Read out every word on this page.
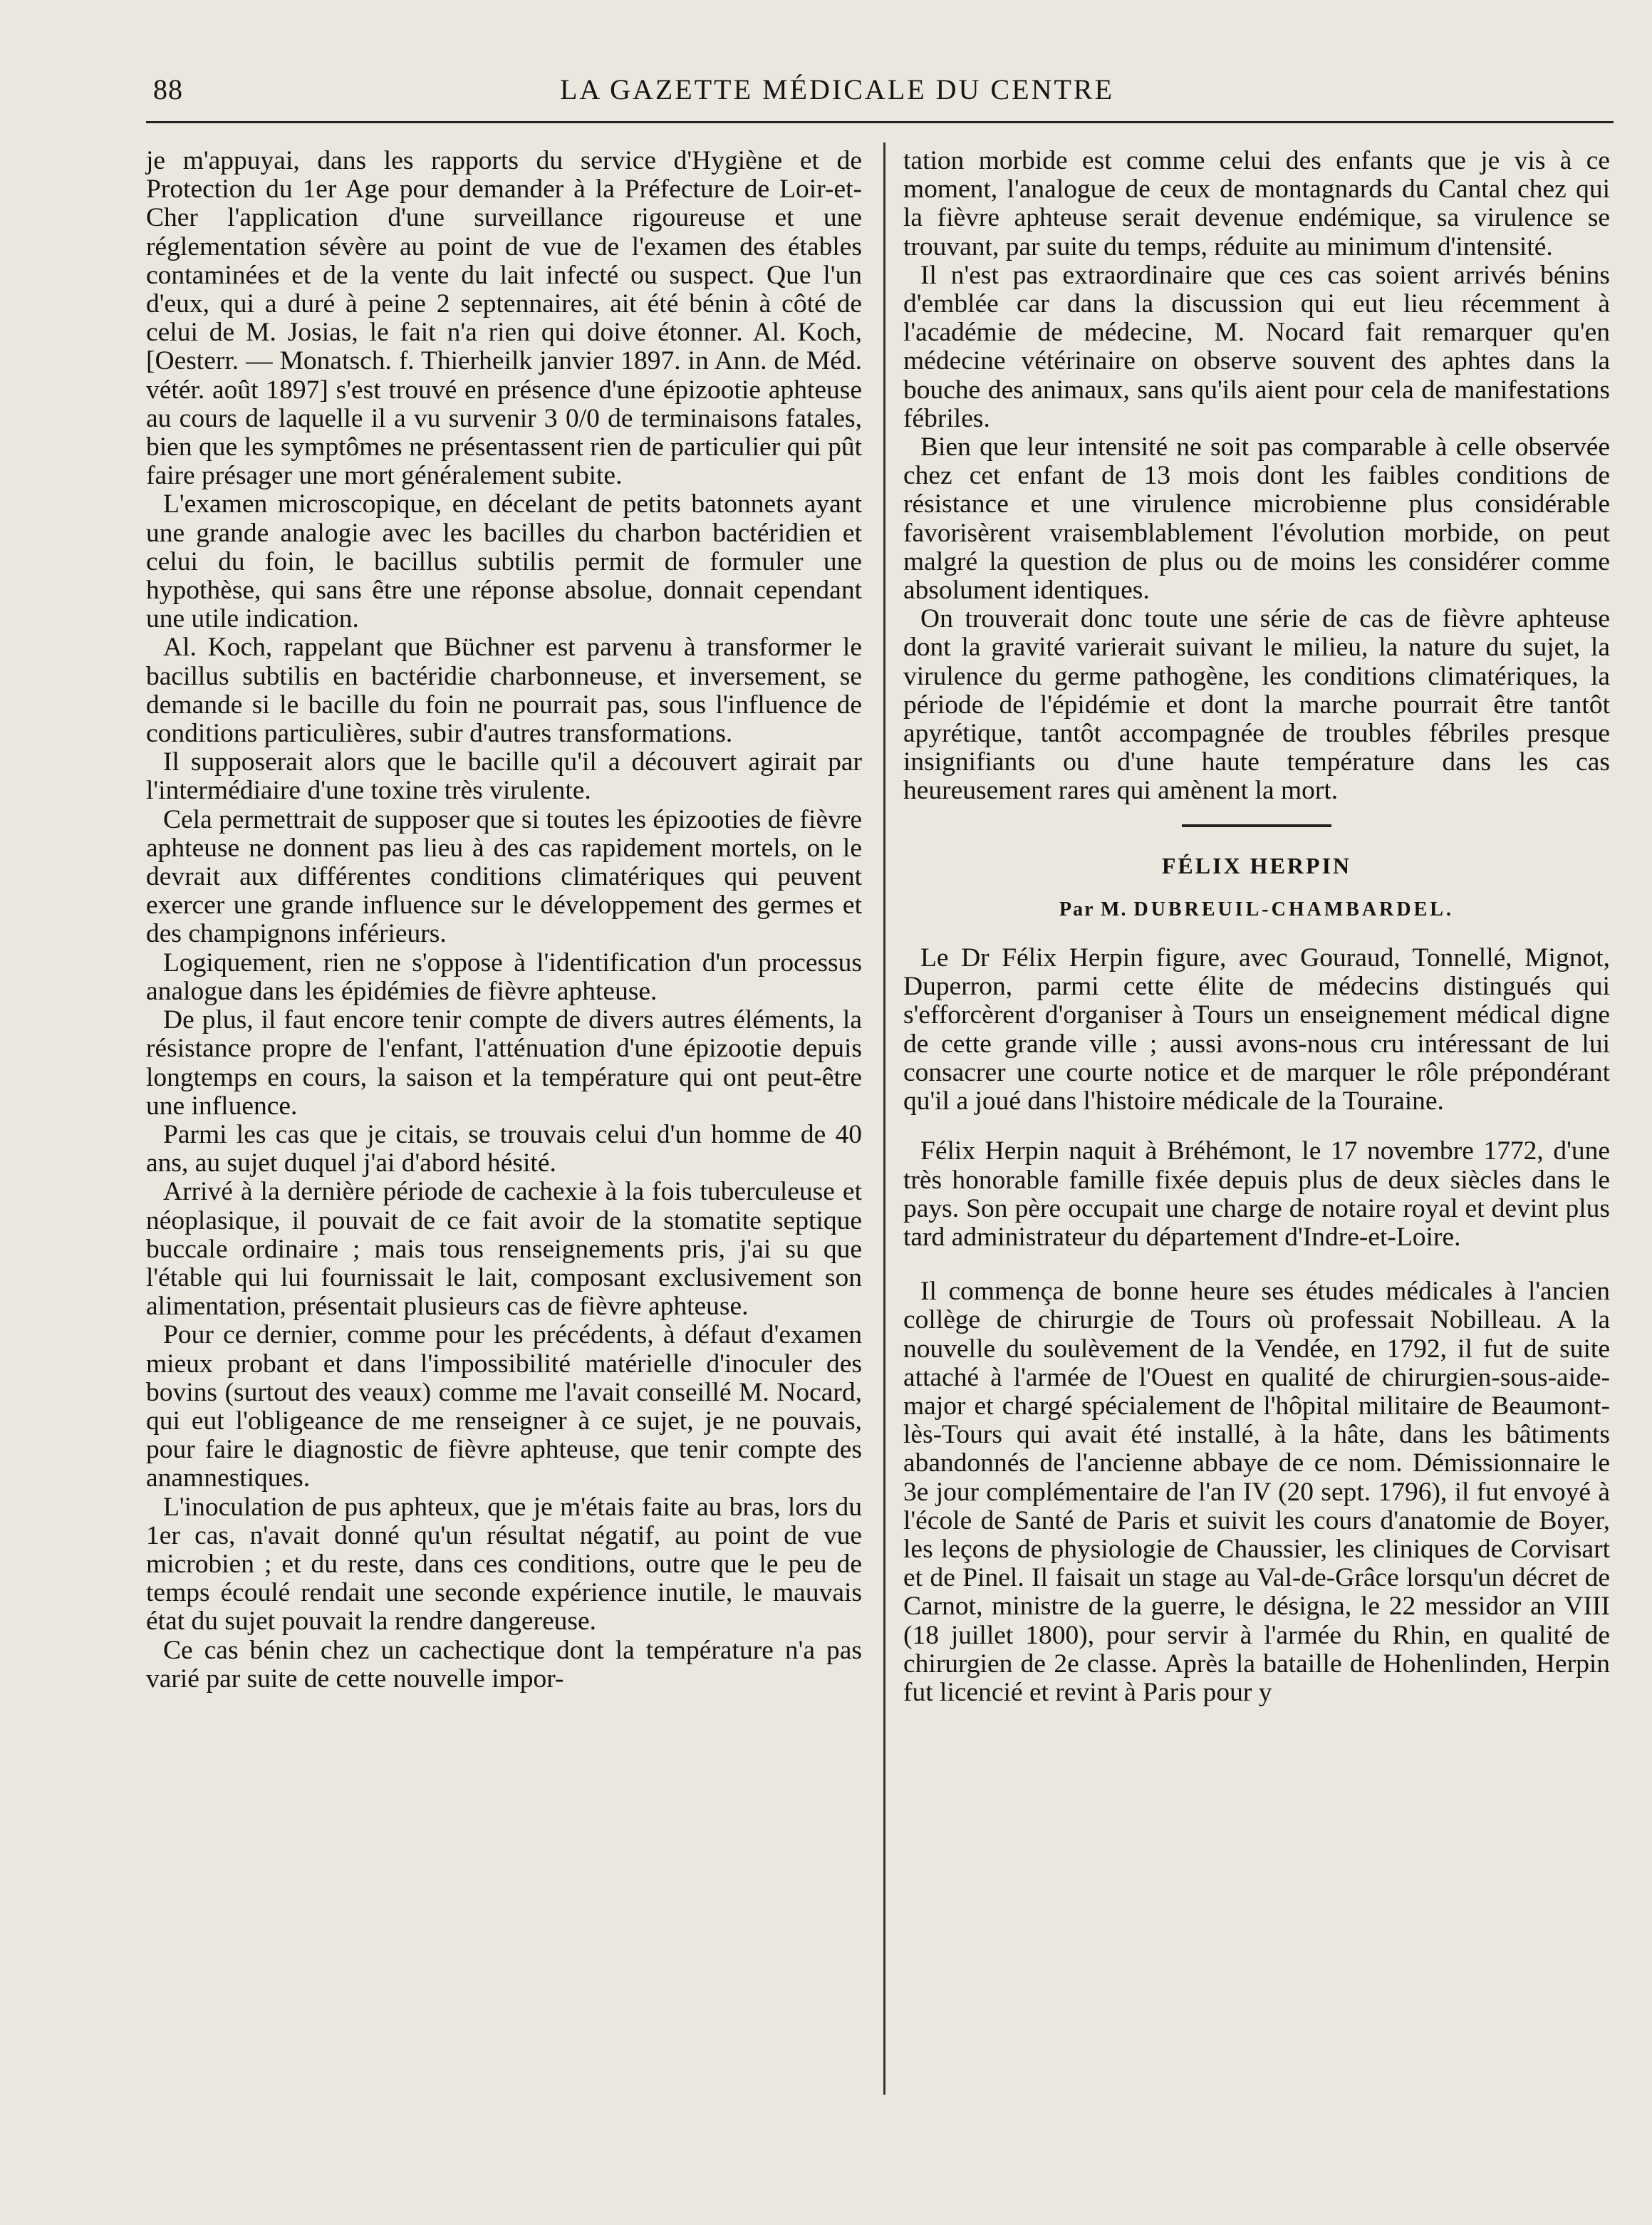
88	LA GAZETTE MÉDICALE DU CENTRE

je m'appuyai, dans les rapports du service d'Hygiène et de Protection du 1er Age pour demander à la Préfecture de Loir-et-Cher l'application d'une surveillance rigoureuse et une réglementation sévère au point de vue de l'examen des étables contaminées et de la vente du lait infecté ou suspect. Que l'un d'eux, qui a duré à peine 2 septennaires, ait été bénin à côté de celui de M. Josias, le fait n'a rien qui doive étonner. Al. Koch, [Oesterr. — Monatsch. f. Thierheilk janvier 1897. in Ann. de Méd. vétér. août 1897] s'est trouvé en présence d'une épizootie aphteuse au cours de laquelle il a vu survenir 3 0/0 de terminaisons fatales, bien que les symptômes ne présentassent rien de particulier qui pût faire présager une mort généralement subite.

L'examen microscopique, en décelant de petits batonnets ayant une grande analogie avec les bacilles du charbon bactéridien et celui du foin, le bacillus subtilis permit de formuler une hypothèse, qui sans être une réponse absolue, donnait cependant une utile indication.

Al. Koch, rappelant que Büchner est parvenu à transformer le bacillus subtilis en bactéridie charbonneuse, et inversement, se demande si le bacille du foin ne pourrait pas, sous l'influence de conditions particulières, subir d'autres transformations.

Il supposerait alors que le bacille qu'il a découvert agirait par l'intermédiaire d'une toxine très virulente.

Cela permettrait de supposer que si toutes les épizooties de fièvre aphteuse ne donnent pas lieu à des cas rapidement mortels, on le devrait aux différentes conditions climatériques qui peuvent exercer une grande influence sur le développement des germes et des champignons inférieurs.

Logiquement, rien ne s'oppose à l'identification d'un processus analogue dans les épidémies de fièvre aphteuse.

De plus, il faut encore tenir compte de divers autres éléments, la résistance propre de l'enfant, l'atténuation d'une épizootie depuis longtemps en cours, la saison et la température qui ont peut-être une influence.

Parmi les cas que je citais, se trouvais celui d'un homme de 40 ans, au sujet duquel j'ai d'abord hésité.

Arrivé à la dernière période de cachexie à la fois tuberculeuse et néoplasique, il pouvait de ce fait avoir de la stomatite septique buccale ordinaire ; mais tous renseignements pris, j'ai su que l'étable qui lui fournissait le lait, composant exclusivement son alimentation, présentait plusieurs cas de fièvre aphteuse.

Pour ce dernier, comme pour les précédents, à défaut d'examen mieux probant et dans l'impossibilité matérielle d'inoculer des bovins (surtout des veaux) comme me l'avait conseillé M. Nocard, qui eut l'obligeance de me renseigner à ce sujet, je ne pouvais, pour faire le diagnostic de fièvre aphteuse, que tenir compte des anamnestiques.

L'inoculation de pus aphteux, que je m'étais faite au bras, lors du 1er cas, n'avait donné qu'un résultat négatif, au point de vue microbien ; et du reste, dans ces conditions, outre que le peu de temps écoulé rendait une seconde expérience inutile, le mauvais état du sujet pouvait la rendre dangereuse.

Ce cas bénin chez un cachectique dont la température n'a pas varié par suite de cette nouvelle impor-

tation morbide est comme celui des enfants que je vis à ce moment, l'analogue de ceux de montagnards du Cantal chez qui la fièvre aphteuse serait devenue endémique, sa virulence se trouvant, par suite du temps, réduite au minimum d'intensité.

Il n'est pas extraordinaire que ces cas soient arrivés bénins d'emblée car dans la discussion qui eut lieu récemment à l'académie de médecine, M. Nocard fait remarquer qu'en médecine vétérinaire on observe souvent des aphtes dans la bouche des animaux, sans qu'ils aient pour cela de manifestations fébriles.

Bien que leur intensité ne soit pas comparable à celle observée chez cet enfant de 13 mois dont les faibles conditions de résistance et une virulence microbienne plus considérable favorisèrent vraisemblablement l'évolution morbide, on peut malgré la question de plus ou de moins les considérer comme absolument identiques.

On trouverait donc toute une série de cas de fièvre aphteuse dont la gravité varierait suivant le milieu, la nature du sujet, la virulence du germe pathogène, les conditions climatériques, la période de l'épidémie et dont la marche pourrait être tantôt apyrétique, tantôt accompagnée de troubles fébriles presque insignifiants ou d'une haute température dans les cas heureusement rares qui amènent la mort.

FÉLIX HERPIN
Par M. DUBREUIL-CHAMBARDEL.

Le Dr Félix Herpin figure, avec Gouraud, Tonnellé, Mignot, Duperron, parmi cette élite de médecins distingués qui s'efforcèrent d'organiser à Tours un enseignement médical digne de cette grande ville ; aussi avons-nous cru intéressant de lui consacrer une courte notice et de marquer le rôle prépondérant qu'il a joué dans l'histoire médicale de la Touraine.

Félix Herpin naquit à Bréhémont, le 17 novembre 1772, d'une très honorable famille fixée depuis plus de deux siècles dans le pays. Son père occupait une charge de notaire royal et devint plus tard administrateur du département d'Indre-et-Loire.

Il commença de bonne heure ses études médicales à l'ancien collège de chirurgie de Tours où professait Nobilleau. A la nouvelle du soulèvement de la Vendée, en 1792, il fut de suite attaché à l'armée de l'Ouest en qualité de chirurgien-sous-aide-major et chargé spécialement de l'hôpital militaire de Beaumont-lès-Tours qui avait été installé, à la hâte, dans les bâtiments abandonnés de l'ancienne abbaye de ce nom. Démissionnaire le 3e jour complémentaire de l'an IV (20 sept. 1796), il fut envoyé à l'école de Santé de Paris et suivit les cours d'anatomie de Boyer, les leçons de physiologie de Chaussier, les cliniques de Corvisart et de Pinel. Il faisait un stage au Val-de-Grâce lorsqu'un décret de Carnot, ministre de la guerre, le désigna, le 22 messidor an VIII (18 juillet 1800), pour servir à l'armée du Rhin, en qualité de chirurgien de 2e classe. Après la bataille de Hohenlinden, Herpin fut licencié et revint à Paris pour y
